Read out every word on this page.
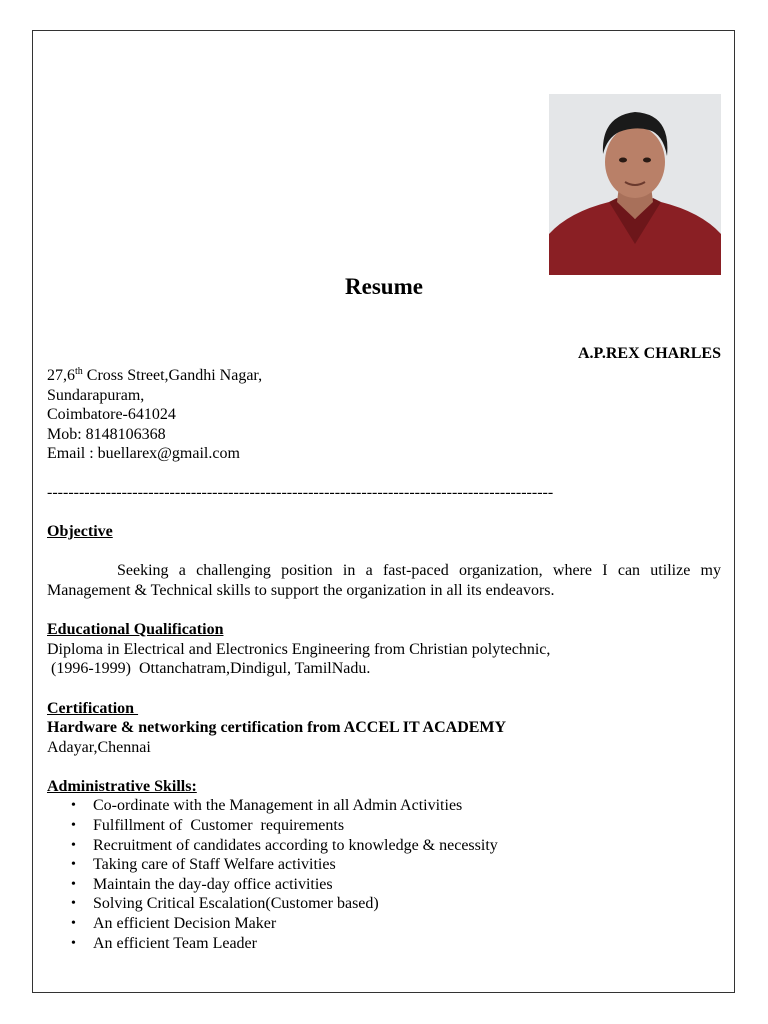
Resume
A.P.REX CHARLES
27,6th Cross Street,Gandhi Nagar,
Sundarapuram,
Coimbatore-641024
Mob: 8148106368
Email : buellarex@gmail.com
-----------------------------------------------------------------------------------------------
Objective
Seeking a challenging position in a fast-paced organization, where I can utilize my Management & Technical skills to support the organization in all its endeavors.
Educational Qualification
Diploma in Electrical and Electronics Engineering from Christian polytechnic,
(1996-1999)  Ottanchatram,Dindigul, TamilNadu.
Certification
Hardware & networking certification from ACCEL IT ACADEMY
Adayar,Chennai
Administrative Skills:
• Co-ordinate with the Management in all Admin Activities
• Fulfillment of  Customer  requirements
• Recruitment of candidates according to knowledge & necessity
• Taking care of Staff Welfare activities
• Maintain the day-day office activities
• Solving Critical Escalation(Customer based)
• An efficient Decision Maker
• An efficient Team Leader
